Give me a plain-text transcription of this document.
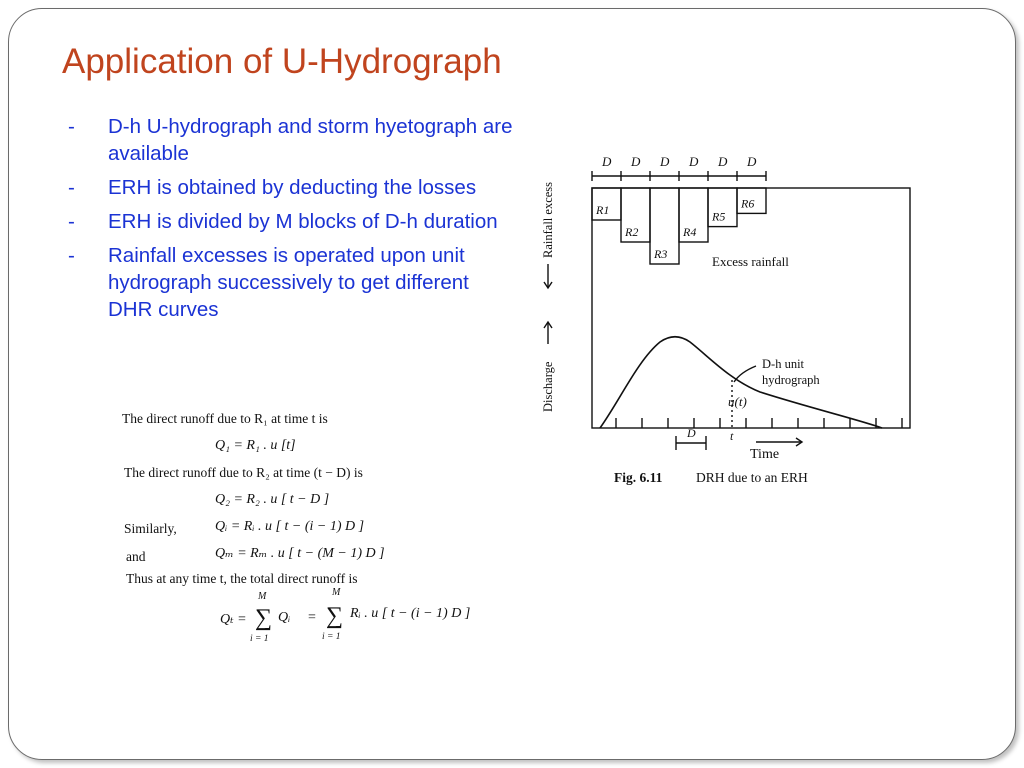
Application of U-Hydrograph
- D-h U-hydrograph and storm hyetograph are available
- ERH is obtained by deducting the losses
- ERH is divided by M blocks of D-h duration
- Rainfall excesses is operated upon unit hydrograph successively to get different DHR curves
The direct runoff due to R₁ at time t is
Q₁ = R₁ . u [t]
The direct runoff due to R₂ at time (t − D) is
Q₂ = R₂ . u [ t − D ]
Similarly,	Qᵢ = Rᵢ . u [ t − (i − 1) D ]
and	Qₘ = Rₘ . u [ t − (M − 1) D ]
Thus at any time t, the total direct runoff is
Qₜ =
M
∑
i = 1
Qᵢ =
M
∑
i = 1
Rᵢ . u [ t − (i − 1) D ]
D D D D D D
R1
R2
R3
R4
R5
R6
Excess rainfall
Rainfall excess
Discharge	D-h unit
hydrograph
u(t)
t
D
Time
Fig. 6.11 DRH due to an ERH
